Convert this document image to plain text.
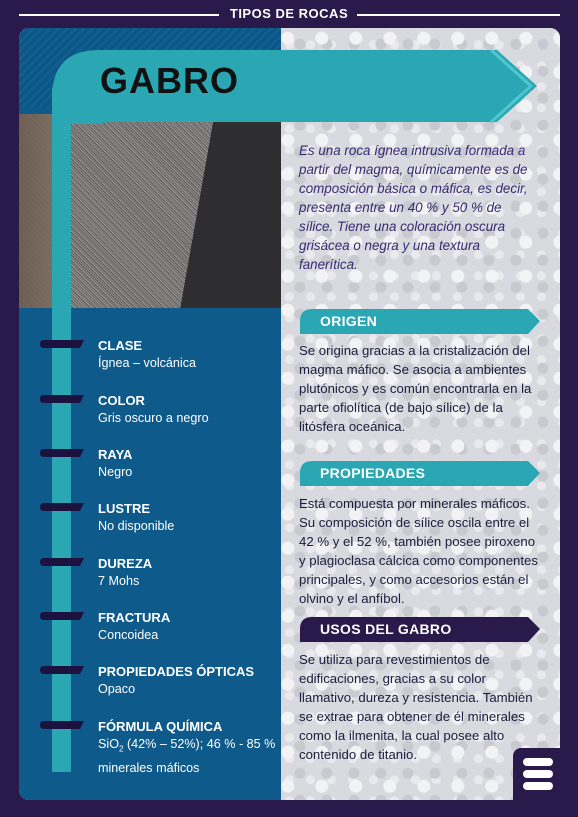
TIPOS DE ROCAS
GABRO
Es una roca ígnea intrusiva formada a partir del magma, químicamente es de composición básica o máfica, es decir, presenta entre un 40 % y 50 % de sílice. Tiene una coloración oscura grisácea o negra y una textura fanerítica.
ORIGEN
Se origina gracias a la cristalización del magma máfico. Se asocia a ambientes plutónicos y es común encontrarla en la parte ofiolítica (de bajo sílice) de la litósfera oceánica.
PROPIEDADES
Está compuesta por minerales máficos. Su composición de sílice oscila entre el 42 % y el 52 %, también posee piroxeno y plagioclasa cálcica como componentes principales, y como accesorios están el olvino y el anfíbol.
USOS DEL GABRO
Se utiliza para revestimientos de edificaciones, gracias a su color llamativo, dureza y resistencia. También se extrae para obtener de él minerales como la ilmenita, la cual posee alto contenido de titanio.
CLASE
Ígnea – volcánica
COLOR
Gris oscuro a negro
RAYA
Negro
LUSTRE
No disponible
DUREZA
7 Mohs
FRACTURA
Concoidea
PROPIEDADES ÓPTICAS
Opaco
FÓRMULA QUÍMICA
SiO$_2$ (42% – 52%); 46 % - 85 % minerales máficos
